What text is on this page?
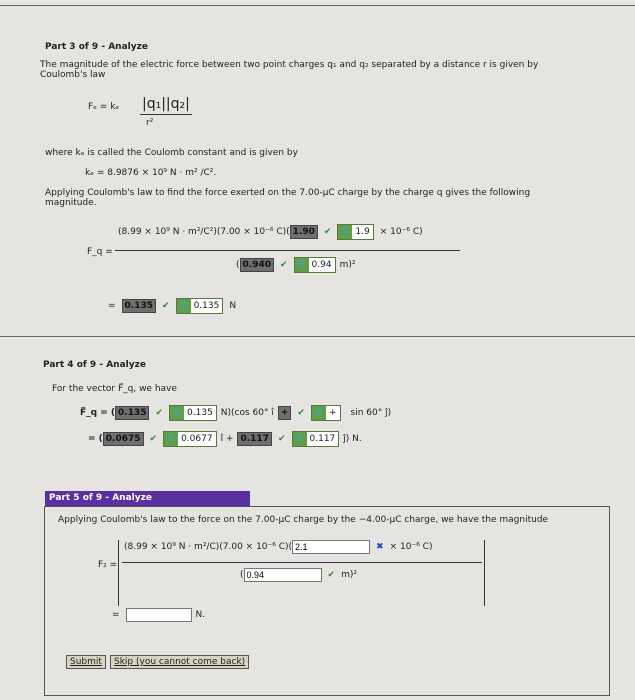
Part 3 of 9 - Analyze
The magnitude of the electric force between two point charges q₁ and q₂ separated by a distance r is given by
Coulomb's law
Fₑ = kₑ |q₁||q₂|
r²
where kₑ is called the Coulomb constant and is given by
kₑ = 8.9876 × 10⁹ N · m² /C².
Applying Coulomb's law to find the force exerted on the 7.00-μC charge by the charge q gives the following
magnitude.
F_q =
(8.99 × 10⁹ N · m²/C²)(7.00 × 10⁻⁶ C)( 1.90	✔	⚲ 1.9	× 10⁻⁶ C)
( 0.940	✔	⚲ 0.94 m)²
=	0.135	✔	⚲ 0.135	N
Part 4 of 9 - Analyze
For the vector F⃗_q, we have
F⃗_q = ( 0.135	✔	⚲ 0.135 N)(cos 60° î +	✔	⚲ +	sin 60° ĵ)
= ( 0.0675	✔	⚲ 0.0677 î + 0.117	✔	⚲ 0.117 ĵ) N.
Part 5 of 9 - Analyze
Applying Coulomb's law to the force on the 7.00-μC charge by the −4.00-μC charge, we have the magnitude
F₂ =
(8.99 × 10⁹ N · m²/C)(7.00 × 10⁻⁶ C)(
2.1	✖ × 10⁻⁶ C)
(
0.94	✔ m)²
=	N.
Submit	Skip (you cannot come back)
